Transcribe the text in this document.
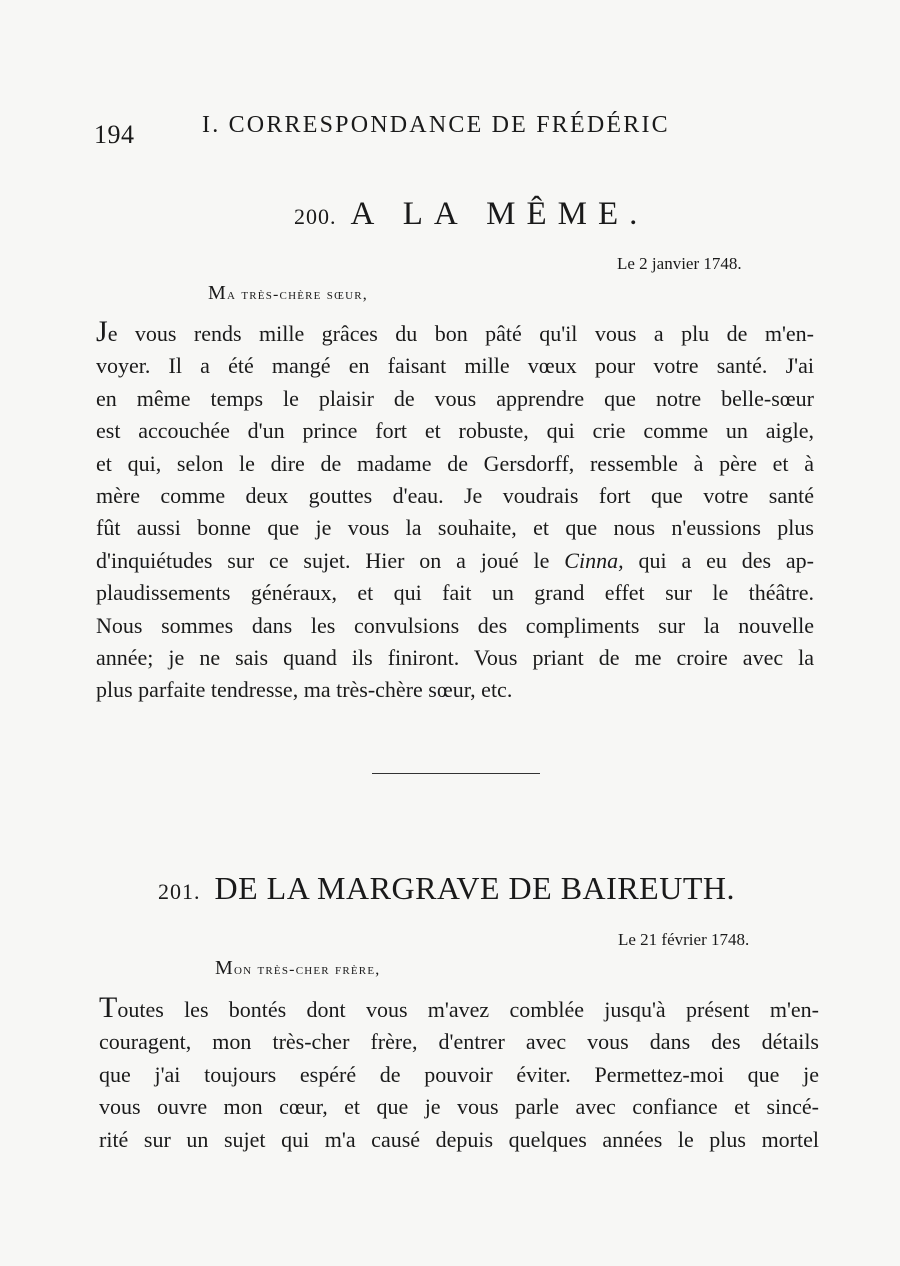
194	I. CORRESPONDANCE DE FRÉDÉRIC
200. A LA MÊME.
Le 2 janvier 1748.
Ma très-chère sœur,
Je vous rends mille grâces du bon pâté qu'il vous a plu de m'en-
voyer. Il a été mangé en faisant mille vœux pour votre santé. J'ai
en même temps le plaisir de vous apprendre que notre belle-sœur
est accouchée d'un prince fort et robuste, qui crie comme un aigle,
et qui, selon le dire de madame de Gersdorff, ressemble à père et à
mère comme deux gouttes d'eau. Je voudrais fort que votre santé
fût aussi bonne que je vous la souhaite, et que nous n'eussions plus
d'inquiétudes sur ce sujet. Hier on a joué le Cinna, qui a eu des ap-
plaudissements généraux, et qui fait un grand effet sur le théâtre.
Nous sommes dans les convulsions des compliments sur la nouvelle
année; je ne sais quand ils finiront. Vous priant de me croire avec la
plus parfaite tendresse, ma très-chère sœur, etc.
201. DE LA MARGRAVE DE BAIREUTH.
Le 21 février 1748.
Mon très-cher frère,
Toutes les bontés dont vous m'avez comblée jusqu'à présent m'en-
couragent, mon très-cher frère, d'entrer avec vous dans des détails
que j'ai toujours espéré de pouvoir éviter. Permettez-moi que je
vous ouvre mon cœur, et que je vous parle avec confiance et sincé-
rité sur un sujet qui m'a causé depuis quelques années le plus mortel
